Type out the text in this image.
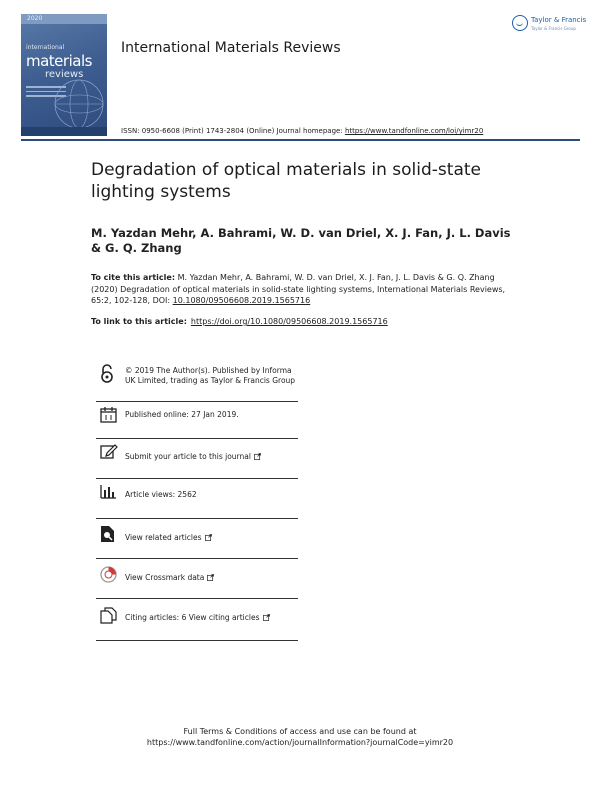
2020
international
materials
reviews
Taylor & Francis
Taylor & Francis Group
International Materials Reviews
ISSN: 0950-6608 (Print) 1743-2804 (Online) Journal homepage: https://www.tandfonline.com/loi/yimr20
Degradation of optical materials in solid-state lighting systems
M. Yazdan Mehr, A. Bahrami, W. D. van Driel, X. J. Fan, J. L. Davis & G. Q. Zhang
To cite this article: M. Yazdan Mehr, A. Bahrami, W. D. van Driel, X. J. Fan, J. L. Davis & G. Q. Zhang (2020) Degradation of optical materials in solid-state lighting systems, International Materials Reviews, 65:2, 102-128, DOI: 10.1080/09506608.2019.1565716
To link to this article: https://doi.org/10.1080/09506608.2019.1565716
© 2019 The Author(s). Published by Informa UK Limited, trading as Taylor & Francis Group
Published online: 27 Jan 2019.
Submit your article to this journal
Article views: 2562
View related articles
View Crossmark data
Citing articles: 6 View citing articles
Full Terms & Conditions of access and use can be found at
https://www.tandfonline.com/action/journalInformation?journalCode=yimr20
